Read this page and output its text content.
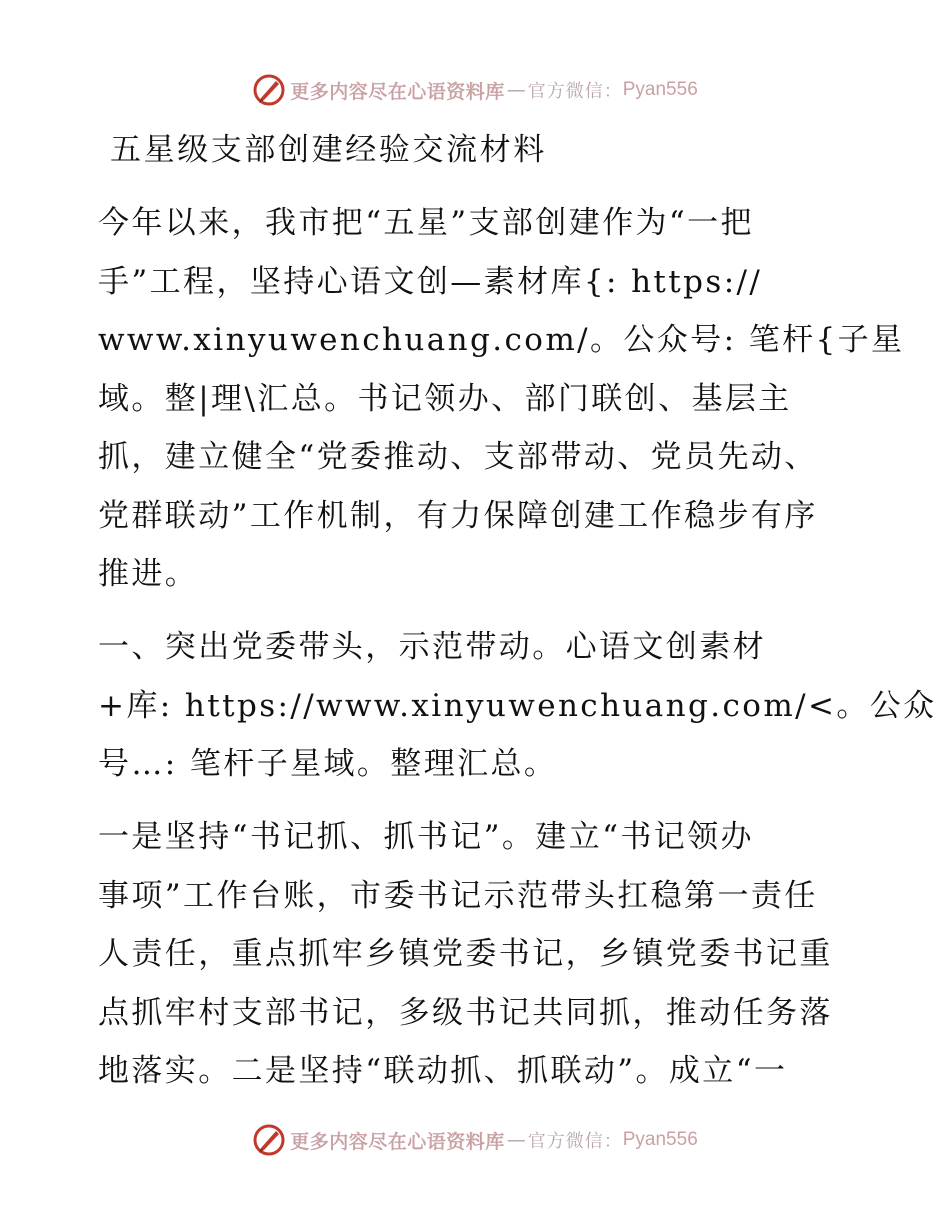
更多内容尽在心语资料库 — 官方微信： Pyan556
五星级支部创建经验交流材料
今年以来，我市把“五星”支部创建作为“一把
手”工程，坚持心语文创—素材库{: https://
www.xinyuwenchuang.com/。公众号: 笔杆{子星
域。整|理\汇总。书记领办、部门联创、基层主
抓，建立健全“党委推动、支部带动、党员先动、
党群联动”工作机制，有力保障创建工作稳步有序
推进。
一、突出党委带头，示范带动。心语文创素材
+库: https://www.xinyuwenchuang.com/<。公众
号…: 笔杆子星域。整理汇总。
一是坚持“书记抓、抓书记”。建立“书记领办
事项”工作台账，市委书记示范带头扛稳第一责任
人责任，重点抓牢乡镇党委书记，乡镇党委书记重
点抓牢村支部书记，多级书记共同抓，推动任务落
地落实。二是坚持“联动抓、抓联动”。成立“一
更多内容尽在心语资料库 — 官方微信： Pyan556
